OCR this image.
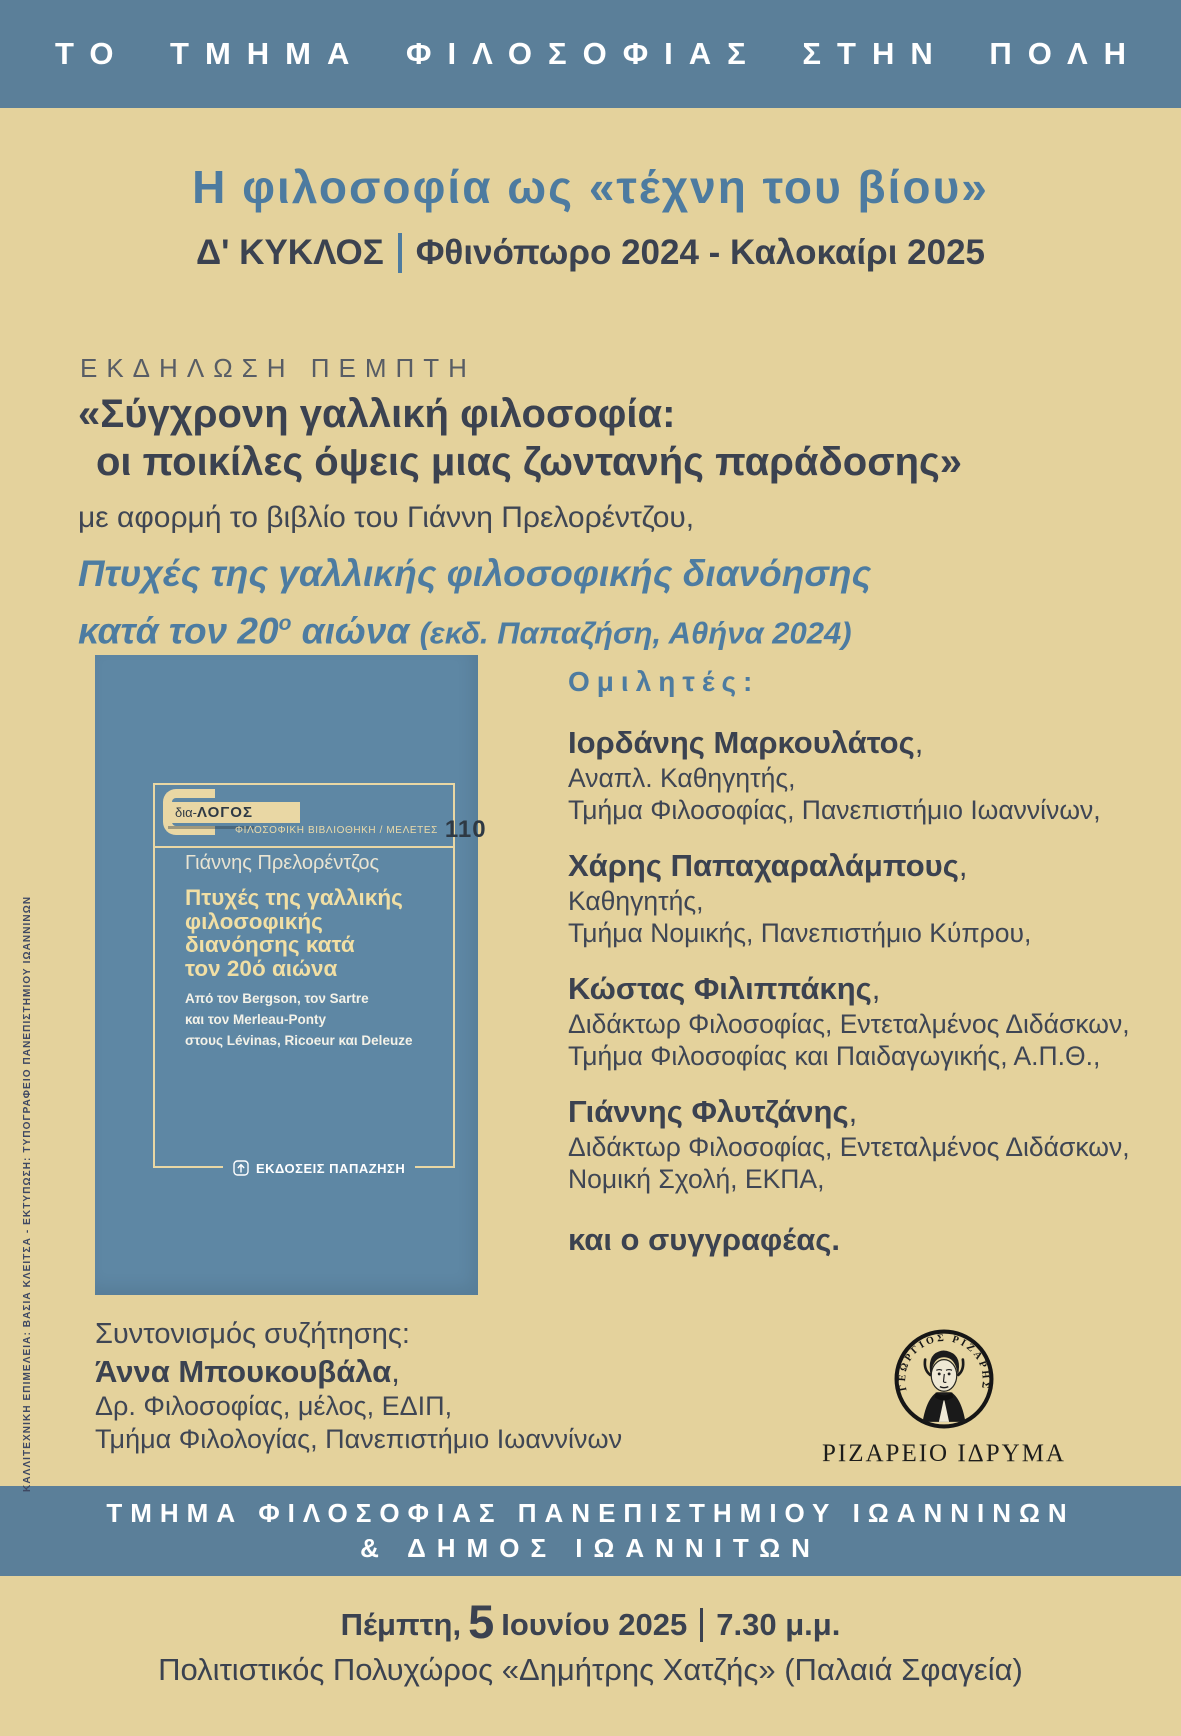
ΤΟ ΤΜΗΜΑ ΦΙΛΟΣΟΦΙΑΣ ΣΤΗΝ ΠΟΛΗ
Η φιλοσοφία ως «τέχνη του βίου»
Δ' ΚΥΚΛΟΣ Φθινόπωρο 2024 - Καλοκαίρι 2025
ΕΚΔΗΛΩΣΗ ΠΕΜΠΤΗ
«Σύγχρονη γαλλική φιλοσοφία:
οι ποικίλες όψεις μιας ζωντανής παράδοσης»
με αφορμή το βιβλίο του Γιάννη Πρελορέντζου,
Πτυχές της γαλλικής φιλοσοφικής διανόησης
κατά τον $20^o$ αιώνα (εκδ. Παπαζήση, Αθήνα 2024)
δια- ΛΟΓΟΣ
ΦΙΛΟΣΟΦΙΚΗ ΒΙΒΛΙΟΘΗΚΗ / ΜΕΛΕΤΕΣ 110
Γιάννης Πρελορέντζος
Πτυχές της γαλλικής
φιλοσοφικής
διανόησης κατά
τον 20ό αιώνα
Από τον Bergson, τον Sartre
και τον Merleau-Ponty
στους Lévinas, Ricoeur και Deleuze
ΕΚΔΟΣΕΙΣ ΠΑΠΑΖΗΣΗ
Ομιλητές:
Ιορδάνης Μαρκουλάτος,
Αναπλ. Καθηγητής,
Τμήμα Φιλοσοφίας, Πανεπιστήμιο Ιωαννίνων,
Χάρης Παπαχαραλάμπους,
Καθηγητής,
Τμήμα Νομικής, Πανεπιστήμιο Κύπρου,
Κώστας Φιλιππάκης,
Διδάκτωρ Φιλοσοφίας, Εντεταλμένος Διδάσκων,
Τμήμα Φιλοσοφίας και Παιδαγωγικής, Α.Π.Θ.,
Γιάννης Φλυτζάνης,
Διδάκτωρ Φιλοσοφίας, Εντεταλμένος Διδάσκων,
Νομική Σχολή, ΕΚΠΑ,
και ο συγγραφέας.
Συντονισμός συζήτησης:
Άννα Μπουκουβάλα,
Δρ. Φιλοσοφίας, μέλος, ΕΔΙΠ,
Τμήμα Φιλολογίας, Πανεπιστήμιο Ιωαννίνων
ΓΕΩΡΓΙΟΣ ΡΙΖΑΡΗΣ
ΡΙΖΑΡΕΙΟ ΙΔΡΥΜΑ
ΤΜΗΜΑ ΦΙΛΟΣΟΦΙΑΣ ΠΑΝΕΠΙΣΤΗΜΙΟΥ ΙΩΑΝΝΙΝΩΝ
& ΔΗΜΟΣ ΙΩΑΝΝΙΤΩΝ
Πέμπτη, 5 Ιουνίου 2025 7.30 μ.μ.
Πολιτιστικός Πολυχώρος «Δημήτρης Χατζής» (Παλαιά Σφαγεία)
ΚΑΛΛΙΤΕΧΝΙΚΗ ΕΠΙΜΕΛΕΙΑ: ΒΑΣΙΑ ΚΛΕΙΤΣΑ - ΕΚΤΥΠΩΣΗ: ΤΥΠΟΓΡΑΦΕΙΟ ΠΑΝΕΠΙΣΤΗΜΙΟΥ ΙΩΑΝΝΙΝΩΝ
